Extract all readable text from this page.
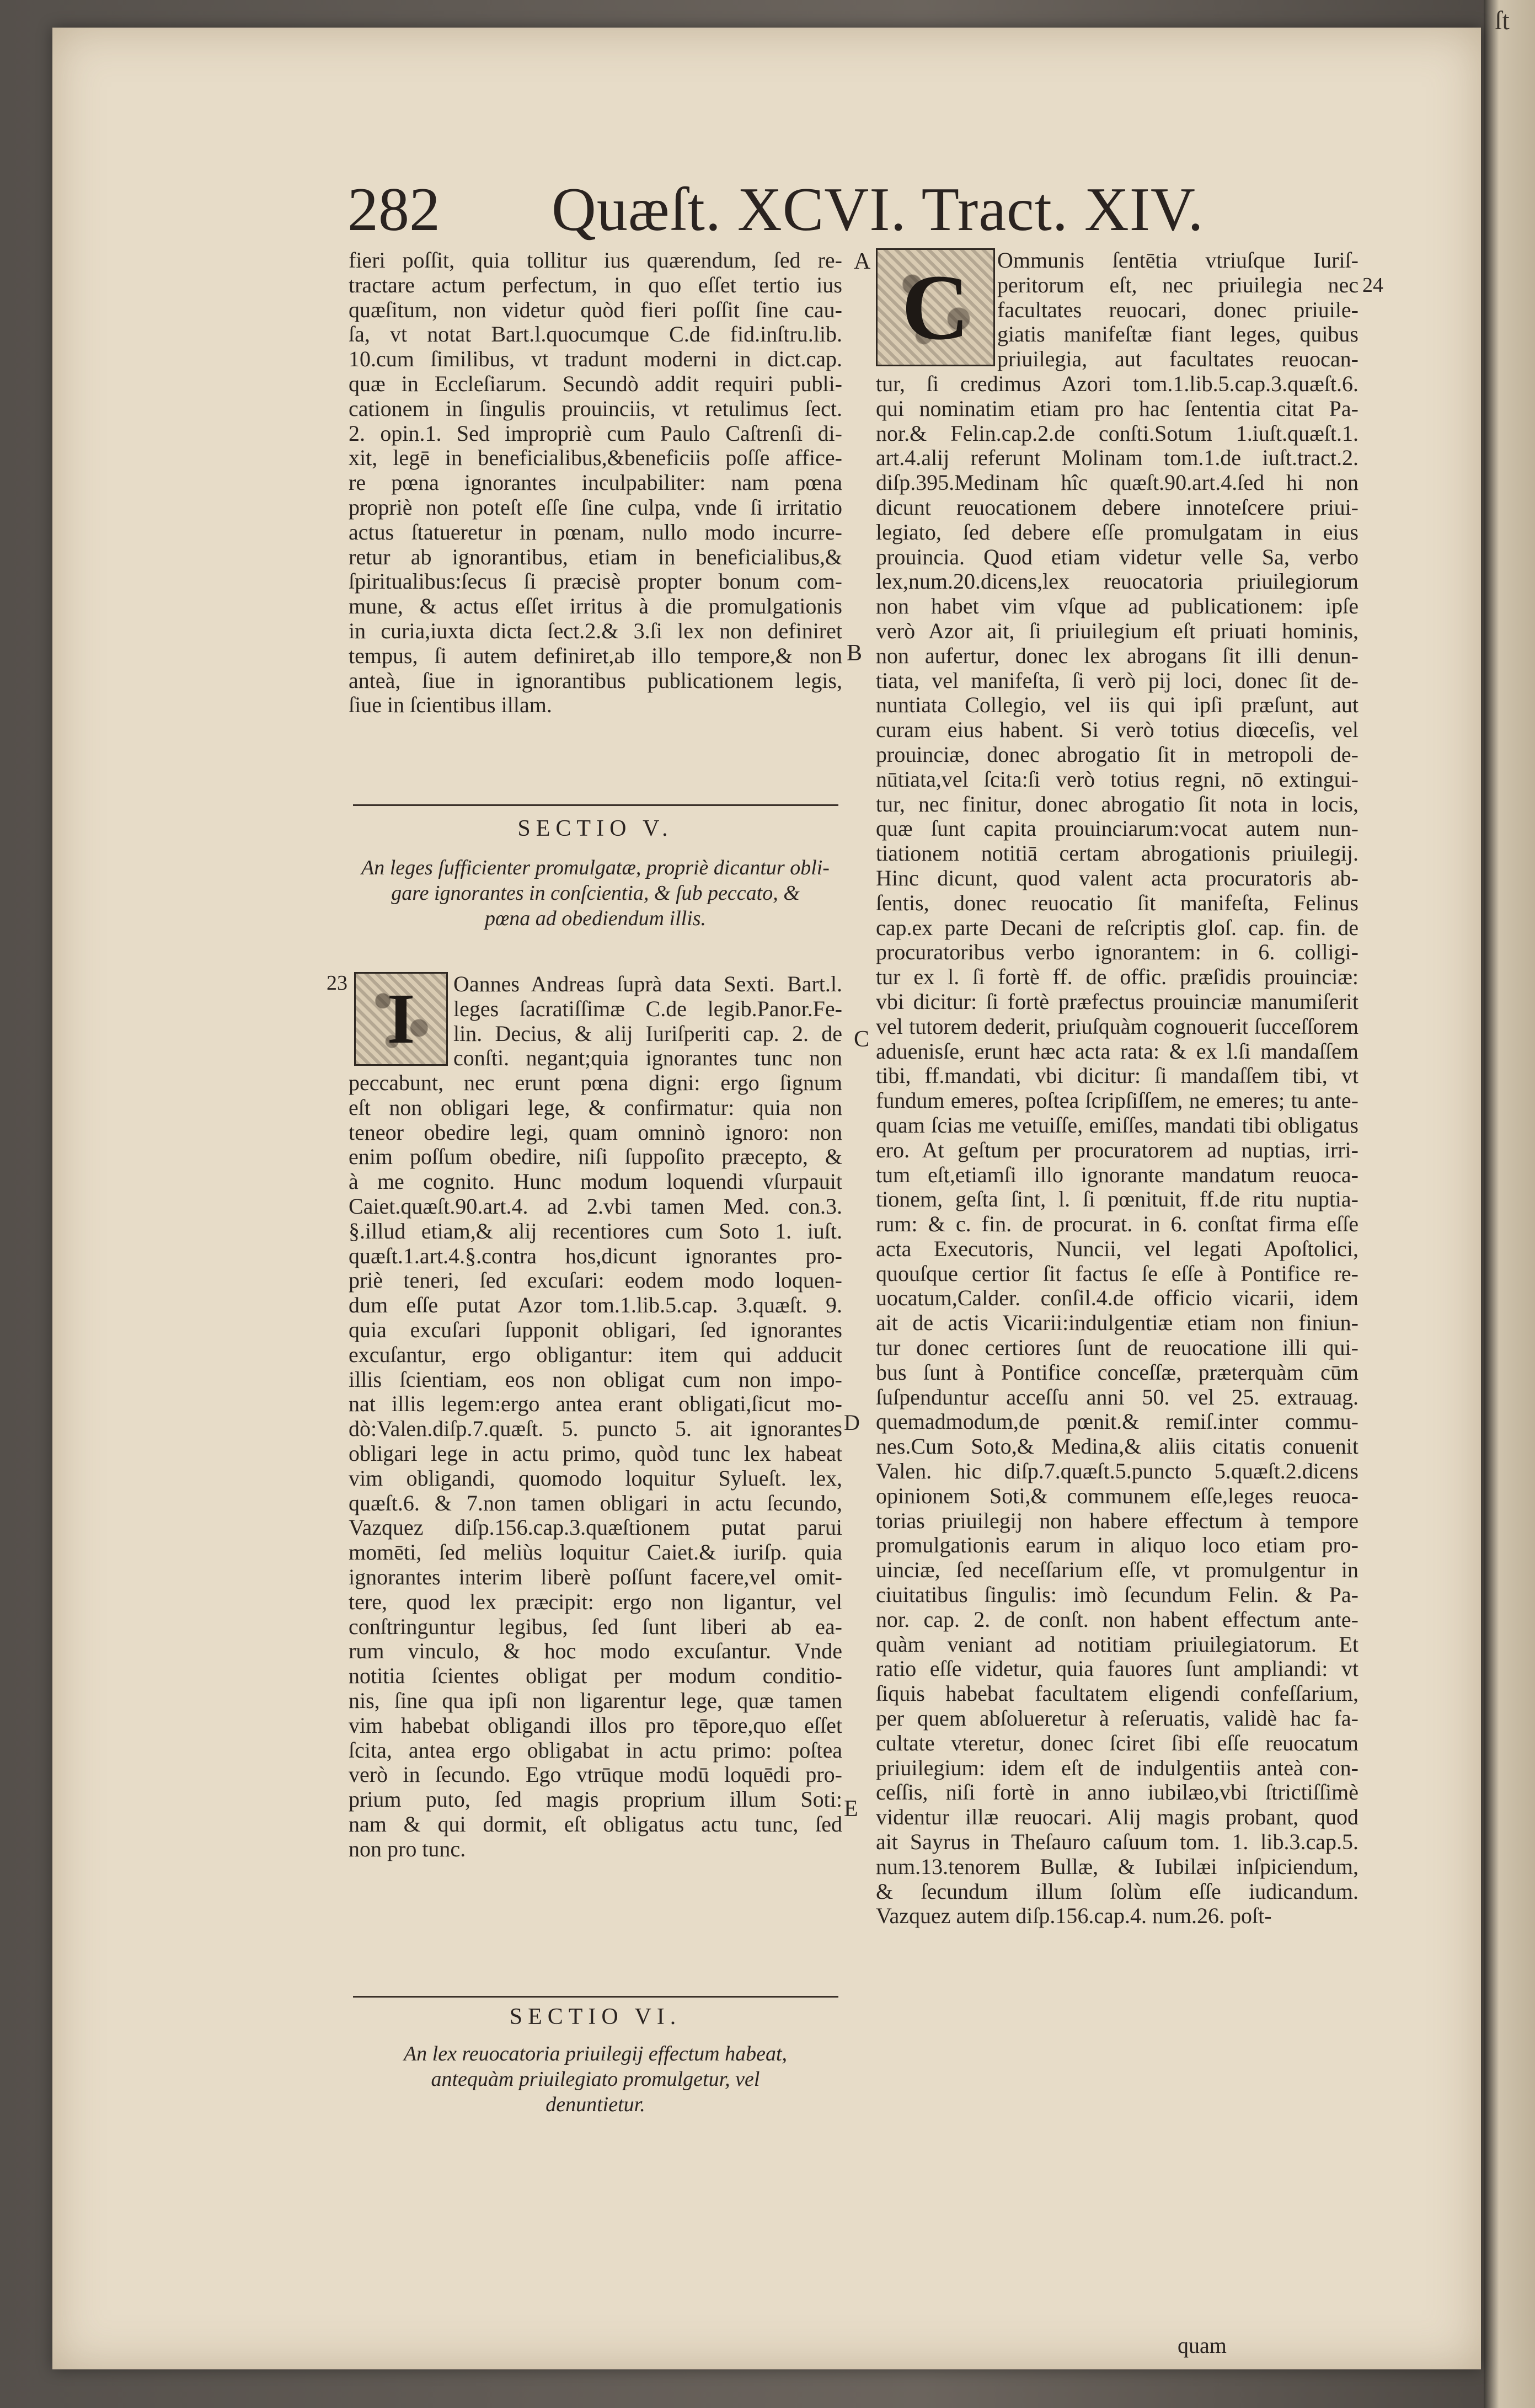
ſt
282 Quæſt. XCVI. Tract. XIV.
fieri poſſit, quia tollitur ius quærendum, ſed re-
tractare actum perfectum, in quo eſſet tertio ius
quæſitum, non videtur quòd fieri poſſit ſine cau-
ſa, vt notat Bart.l.quocumque C.de fid.inſtru.lib.
10.cum ſimilibus, vt tradunt moderni in dict.cap.
quæ in Eccleſiarum. Secundò addit requiri publi-
cationem in ſingulis prouinciis, vt retulimus ſect.
2. opin.1. Sed impropriè cum Paulo Caſtrenſi di-
xit, legē in beneficialibus,&beneficiis poſſe afficе-
re pœna ignorantes inculpabiliter: nam pœna
propriè non poteſt eſſe ſine culpa, vnde ſi irritatio
actus ſtatueretur in pœnam, nullo modo incurre-
retur ab ignorantibus, etiam in beneficialibus,&
ſpiritualibus:ſecus ſi præcisè propter bonum com-
mune, & actus eſſet irritus à die promulgationis
in curia,iuxta dicta ſect.2.& 3.ſi lex non definiret
tempus, ſi autem definiret,ab illo tempore,& non
anteà, ſiue in ignorantibus publicationem legis,
ſiue in ſcientibus illam.
SECTIO V.
An leges ſufficienter promulgatæ, propriè dicantur obli-
gare ignorantes in conſcientia, & ſub peccato, &
pœna ad obediendum illis.
23 I	Oannes Andreas ſuprà data Sexti. Bart.l.
leges ſacratiſſimæ C.de legib.Panor.Fe-
lin. Decius, & alij Iuriſperiti cap. 2. de
conſti. negant;quia ignorantes tunc non
peccabunt, nec erunt pœna digni: ergo ſignum
eſt non obligari lege, & confirmatur: quia non
teneor obedire legi, quam omninò ignoro: non
enim poſſum obedire, niſi ſuppoſito præcepto, &
à me cognito. Hunc modum loquendi vſurpauit
Caiet.quæſt.90.art.4. ad 2.vbi tamen Med. con.3.
§.illud etiam,& alij recentiores cum Soto 1. iuſt.
quæſt.1.art.4.§.contra hos,dicunt ignorantes pro-
priè teneri, ſed excuſari: eodem modo loquen-
dum eſſe putat Azor tom.1.lib.5.cap. 3.quæſt. 9.
quia excuſari ſupponit obligari, ſed ignorantes
excuſantur, ergo obligantur: item qui adducit
illis ſcientiam, eos non obligat cum non impo-
nat illis legem:ergo antea erant obligati,ſicut mo-
dò:Valen.diſp.7.quæſt. 5. puncto 5. ait ignorantes
obligari lege in actu primo, quòd tunc lex habeat
vim obligandi, quomodo loquitur Sylueſt. lex,
quæſt.6. & 7.non tamen obligari in actu ſecundo,
Vazquez diſp.156.cap.3.quæſtionem putat parui
momēti, ſed meliùs loquitur Caiet.& iuriſp. quia
ignorantes interim liberè poſſunt facere,vel omit-
tere, quod lex præcipit: ergo non ligantur, vel
conſtringuntur legibus, ſed ſunt liberi ab ea-
rum vinculo, & hoc modo excuſantur. Vnde
notitia ſcientes obligat per modum conditio-
nis, ſine qua ipſi non ligarentur lege, quæ tamen
vim habebat obligandi illos pro tēpore,quo eſſet
ſcita, antea ergo obligabat in actu primo: poſtea
verò in ſecundo. Ego vtrūque modū loquēdi pro-
prium puto, ſed magis proprium illum Soti:
nam & qui dormit, eſt obligatus actu tunc, ſed
non pro tunc.
SECTIO VI.
An lex reuocatoria priuilegij effectum habeat,
antequàm priuilegiato promulgetur, vel
denuntietur.
A
B
C
D
E
C	24
Ommunis ſentētia vtriuſque Iuriſ-
peritorum eſt, nec priuilegia nec
facultates reuocari, donec priuile-
giatis manifeſtæ fiant leges, quibus
priuilegia, aut facultates reuocan-
tur, ſi credimus Azori tom.1.lib.5.cap.3.quæſt.6.
qui nominatim etiam pro hac ſententia citat Pa-
nor.& Felin.cap.2.de conſti.Sotum 1.iuſt.quæſt.1.
art.4.alij referunt Molinam tom.1.de iuſt.tract.2.
diſp.395.Medinam hîc quæſt.90.art.4.ſed hi non
dicunt reuocationem debere innoteſcere priui-
legiato, ſed debere eſſe promulgatam in eius
prouincia. Quod etiam videtur velle Sa, verbo
lex,num.20.dicens,lex reuocatoria priuilegiorum
non habet vim vſque ad publicationem: ipſe
verò Azor ait, ſi priuilegium eſt priuati hominis,
non aufertur, donec lex abrogans ſit illi denun-
tiata, vel manifeſta, ſi verò pij loci, donec ſit de-
nuntiata Collegio, vel iis qui ipſi præſunt, aut
curam eius habent. Si verò totius diœceſis, vel
prouinciæ, donec abrogatio ſit in metropoli de-
nūtiata,vel ſcita:ſi verò totius regni, nō extingui-
tur, nec finitur, donec abrogatio ſit nota in locis,
quæ ſunt capita prouinciarum:vocat autem nun-
tiationem notitiā certam abrogationis priuilegij.
Hinc dicunt, quod valent acta procuratoris ab-
ſentis, donec reuocatio ſit manifeſta, Felinus
cap.ex parte Decani de reſcriptis gloſ. cap. fin. de
procuratoribus verbo ignorantem: in 6. colligi-
tur ex l. ſi fortè ff. de offic. præſidis prouinciæ:
vbi dicitur: ſi fortè præfectus prouinciæ manumiſerit
vel tutorem dederit, priuſquàm cognouerit ſucceſſorem
aduenisſe, erunt hæc acta rata: & ex l.ſi mandaſſem
tibi, ff.mandati, vbi dicitur: ſi mandaſſem tibi, vt
fundum emeres, poſtea ſcripſiſſem, ne emeres; tu ante-
quam ſcias me vetuiſſe, emiſſes, mandati tibi obligatus
ero. At geſtum per procuratorem ad nuptias, irri-
tum eſt,etiamſi illo ignorante mandatum reuoca-
tionem, geſta ſint, l. ſi pœnituit, ff.de ritu nuptia-
rum: & c. fin. de procurat. in 6. conſtat firma eſſe
acta Executoris, Nuncii, vel legati Apoſtolici,
quouſque certior ſit factus ſe eſſe à Pontifice re-
uocatum,Calder. conſil.4.de officio vicarii, idem
ait de actis Vicarii:indulgentiæ etiam non finiun-
tur donec certiores ſunt de reuocatione illi qui-
bus ſunt à Pontifice conceſſæ, præterquàm cūm
ſuſpenduntur acceſſu anni 50. vel 25. extrauag.
quemadmodum,de pœnit.& remiſ.inter commu-
nes.Cum Soto,& Medina,& aliis citatis conuenit
Valen. hic diſp.7.quæſt.5.puncto 5.quæſt.2.dicens
opinionem Soti,& communem eſſe,leges reuoca-
torias priuilegij non habere effectum à tempore
promulgationis earum in aliquo loco etiam pro-
uinciæ, ſed neceſſarium eſſe, vt promulgentur in
ciuitatibus ſingulis: imò ſecundum Felin. & Pa-
nor. cap. 2. de conſt. non habent effectum ante-
quàm veniant ad notitiam priuilegiatorum. Et
ratio eſſe videtur, quia fauores ſunt ampliandi: vt
ſiquis habebat facultatem eligendi confeſſarium,
per quem abſolueretur à reſeruatis, validè hac fa-
cultate vteretur, donec ſciret ſibi eſſe reuocatum
priuilegium: idem eſt de indulgentiis anteà con-
ceſſis, niſi fortè in anno iubilæo,vbi ſtrictiſſimè
videntur illæ reuocari. Alij magis probant, quod
ait Sayrus in Theſauro caſuum tom. 1. lib.3.cap.5.
num.13.tenorem Bullæ, & Iubilæi inſpiciendum,
& ſecundum illum ſolùm eſſe iudicandum.
Vazquez autem diſp.156.cap.4. num.26. poſt-
quam
